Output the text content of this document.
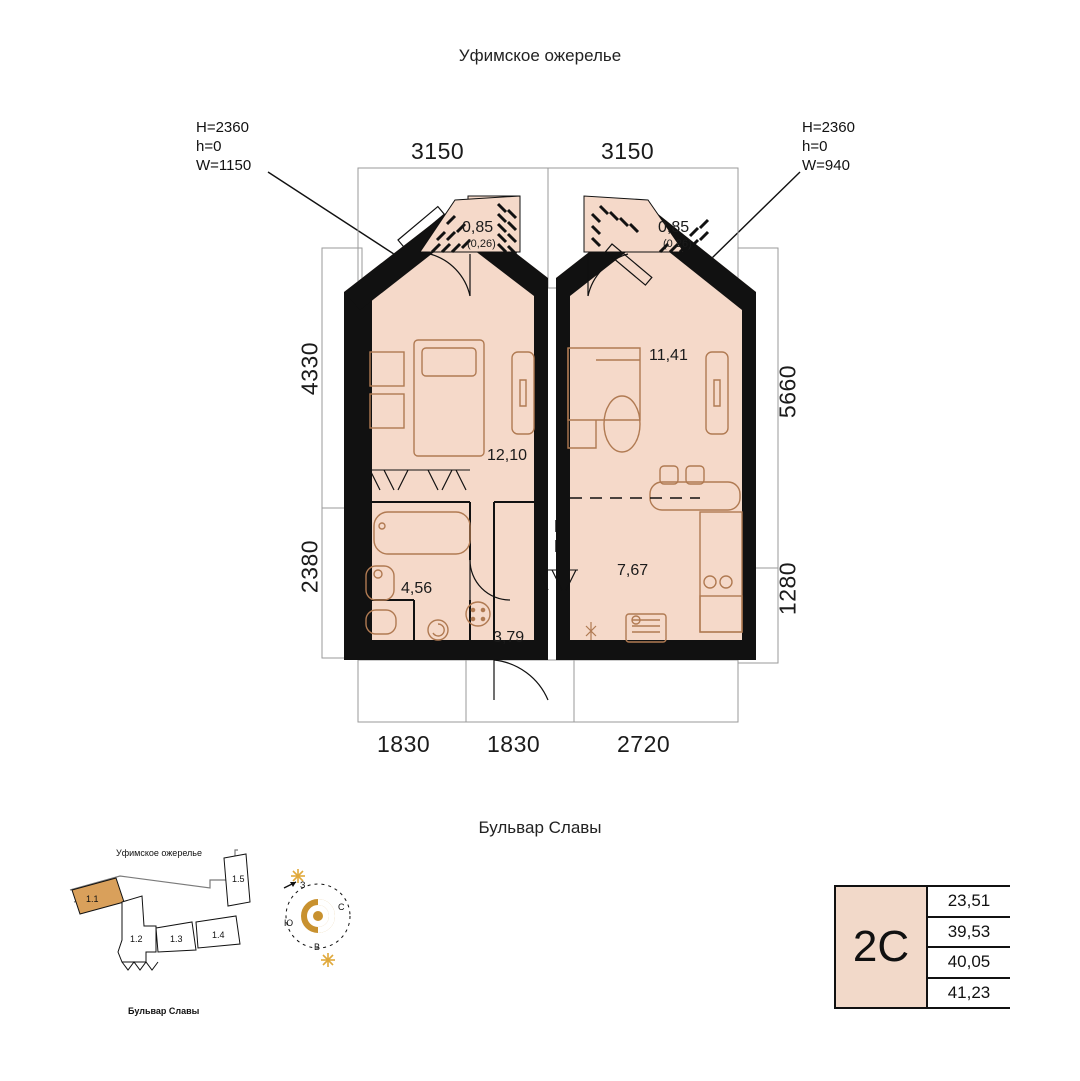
Уфимское ожерелье
H=2360
h=0
W=1150
H=2360
h=0
W=940
3150	3150
4330
2380
5660
1280
1830 1830	2720
0,85
(0,26)
0,85
(0,26)
12,10
11,41
4,56
3,79
7,67
Бульвар Славы
1.1
1.2	1.3	1.4
1.5
З
С
В
Ю
Уфимское ожерелье
Бульвар Славы
2С
23,51
39,53
40,05
41,23
